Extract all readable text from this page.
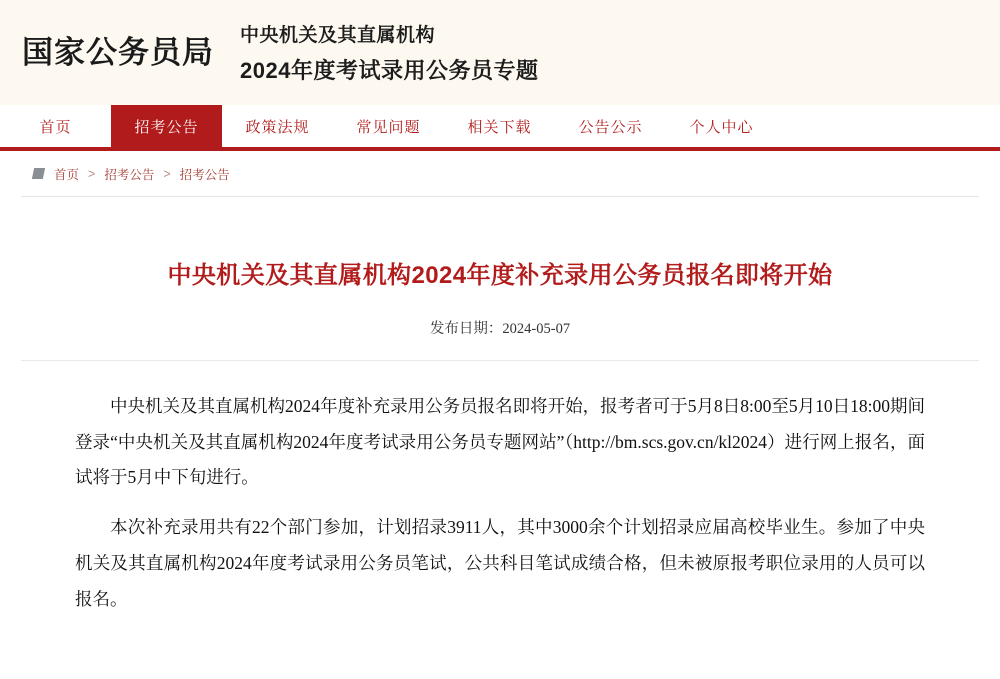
国家公务员局 中央机关及其直属机构
2024年度考试录用公务员专题
首页	招考公告	政策法规	常见问题	相关下载	公告公示	个人中心
首页 > 招考公告 > 招考公告
中央机关及其直属机构2024年度补充录用公务员报名即将开始
发布日期：2024-05-07

中央机关及其直属机构2024年度补充录用公务员报名即将开始，报考者可于5月8日8:00至5月10日18:00期间登录“中央机关及其直属机构2024年度考试录用公务员专题网站”（http://bm.scs.gov.cn/kl2024）进行网上报名，面试将于5月中下旬进行。

本次补充录用共有22个部门参加，计划招录3911人，其中3000余个计划招录应届高校毕业生。参加了中央机关及其直属机构2024年度考试录用公务员笔试，公共科目笔试成绩合格，但未被原报考职位录用的人员可以报名。
